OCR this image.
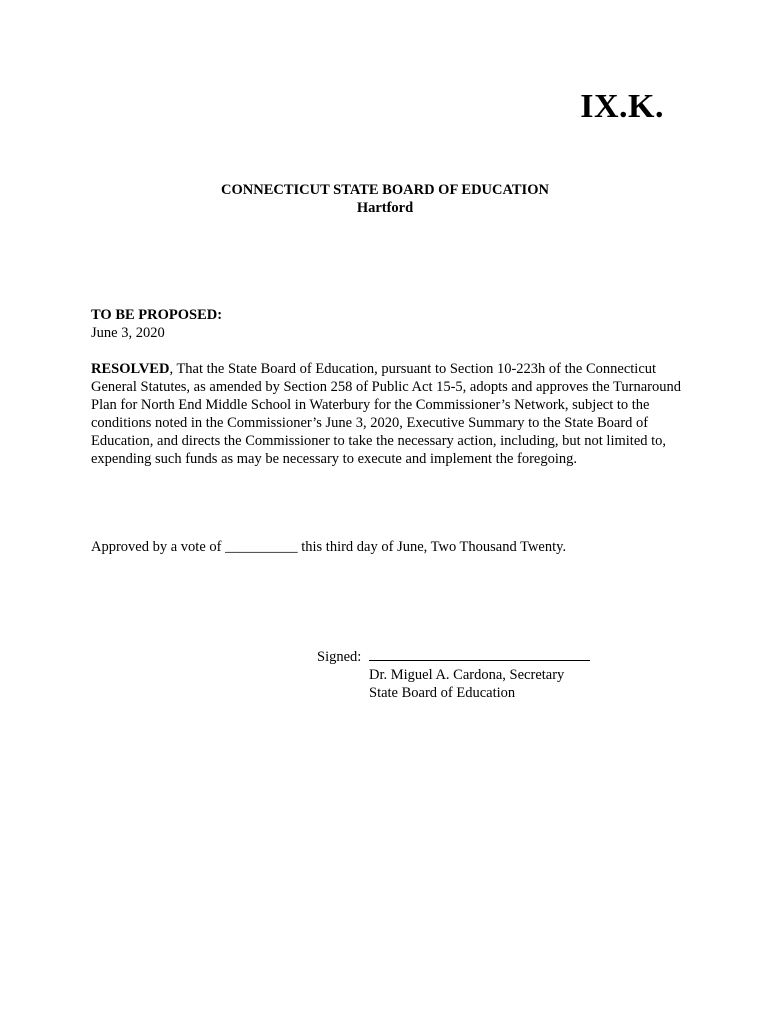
IX.K.
CONNECTICUT STATE BOARD OF EDUCATION
Hartford
TO BE PROPOSED:
June 3, 2020
RESOLVED, That the State Board of Education, pursuant to Section 10-223h of the Connecticut General Statutes, as amended by Section 258 of Public Act 15-5, adopts and approves the Turnaround Plan for North End Middle School in Waterbury for the Commissioner’s Network, subject to the conditions noted in the Commissioner’s June 3, 2020, Executive Summary to the State Board of Education, and directs the Commissioner to take the necessary action, including, but not limited to, expending such funds as may be necessary to execute and implement the foregoing.
Approved by a vote of __________ this third day of June, Two Thousand Twenty.
Signed:
Dr. Miguel A. Cardona, Secretary
State Board of Education
